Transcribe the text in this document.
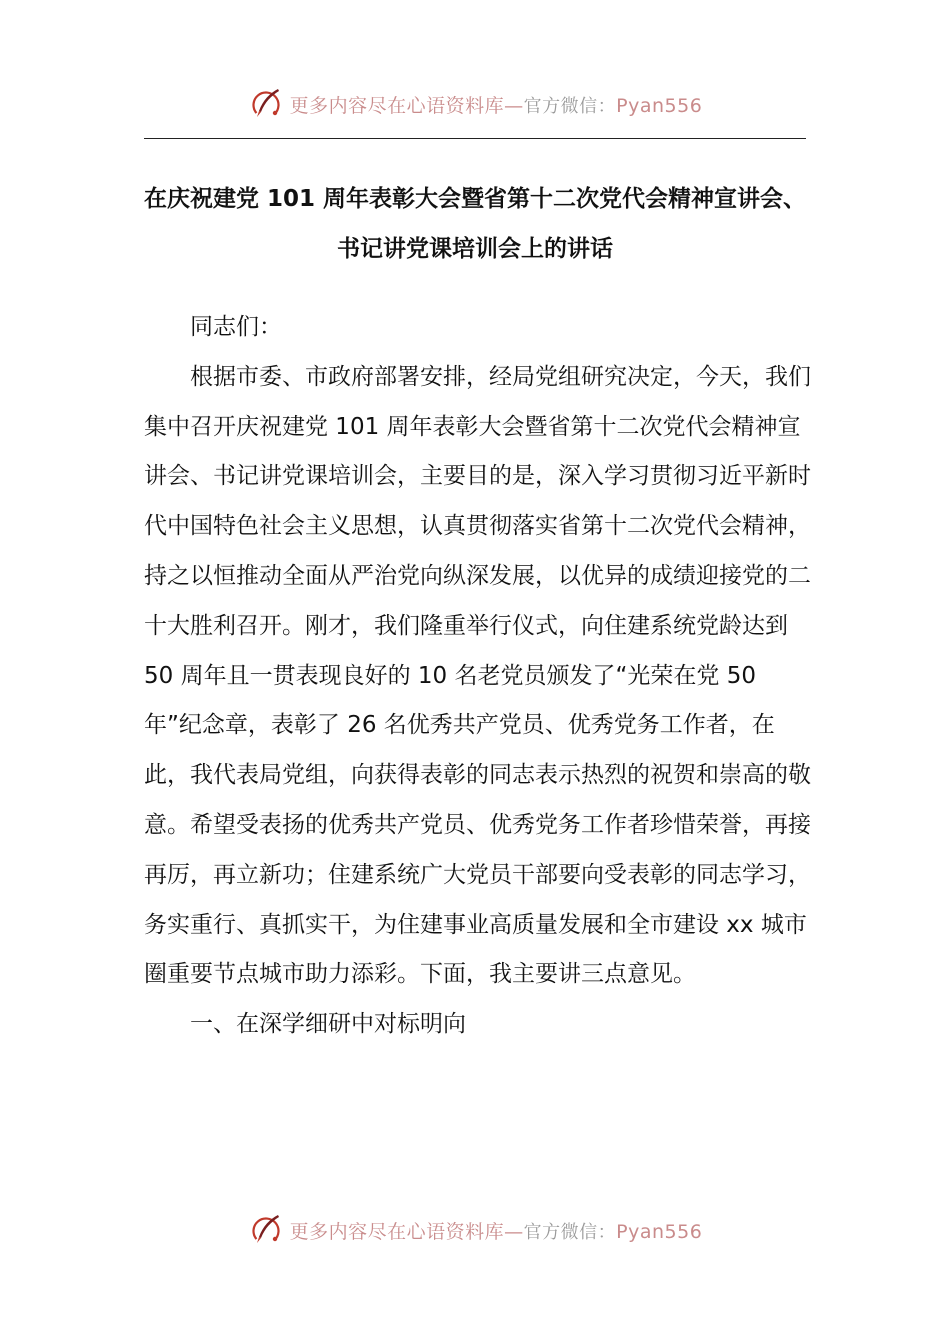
更多内容尽在心语资料库—官方微信：Pyan556
在庆祝建党 101 周年表彰大会暨省第十二次党代会精神宣讲会、
书记讲党课培训会上的讲话

同志们：

根据市委、市政府部署安排，经局党组研究决定，今天，我们集中召开庆祝建党 101 周年表彰大会暨省第十二次党代会精神宣讲会、书记讲党课培训会，主要目的是，深入学习贯彻习近平新时代中国特色社会主义思想，认真贯彻落实省第十二次党代会精神，持之以恒推动全面从严治党向纵深发展，以优异的成绩迎接党的二十大胜利召开。刚才，我们隆重举行仪式，向住建系统党龄达到 50 周年且一贯表现良好的 10 名老党员颁发了“光荣在党 50 年”纪念章，表彰了 26 名优秀共产党员、优秀党务工作者，在此，我代表局党组，向获得表彰的同志表示热烈的祝贺和崇高的敬意。希望受表扬的优秀共产党员、优秀党务工作者珍惜荣誉，再接再厉，再立新功；住建系统广大党员干部要向受表彰的同志学习，务实重行、真抓实干，为住建事业高质量发展和全市建设 xx 城市圈重要节点城市助力添彩。下面，我主要讲三点意见。

一、在深学细研中对标明向

更多内容尽在心语资料库—官方微信：Pyan556
